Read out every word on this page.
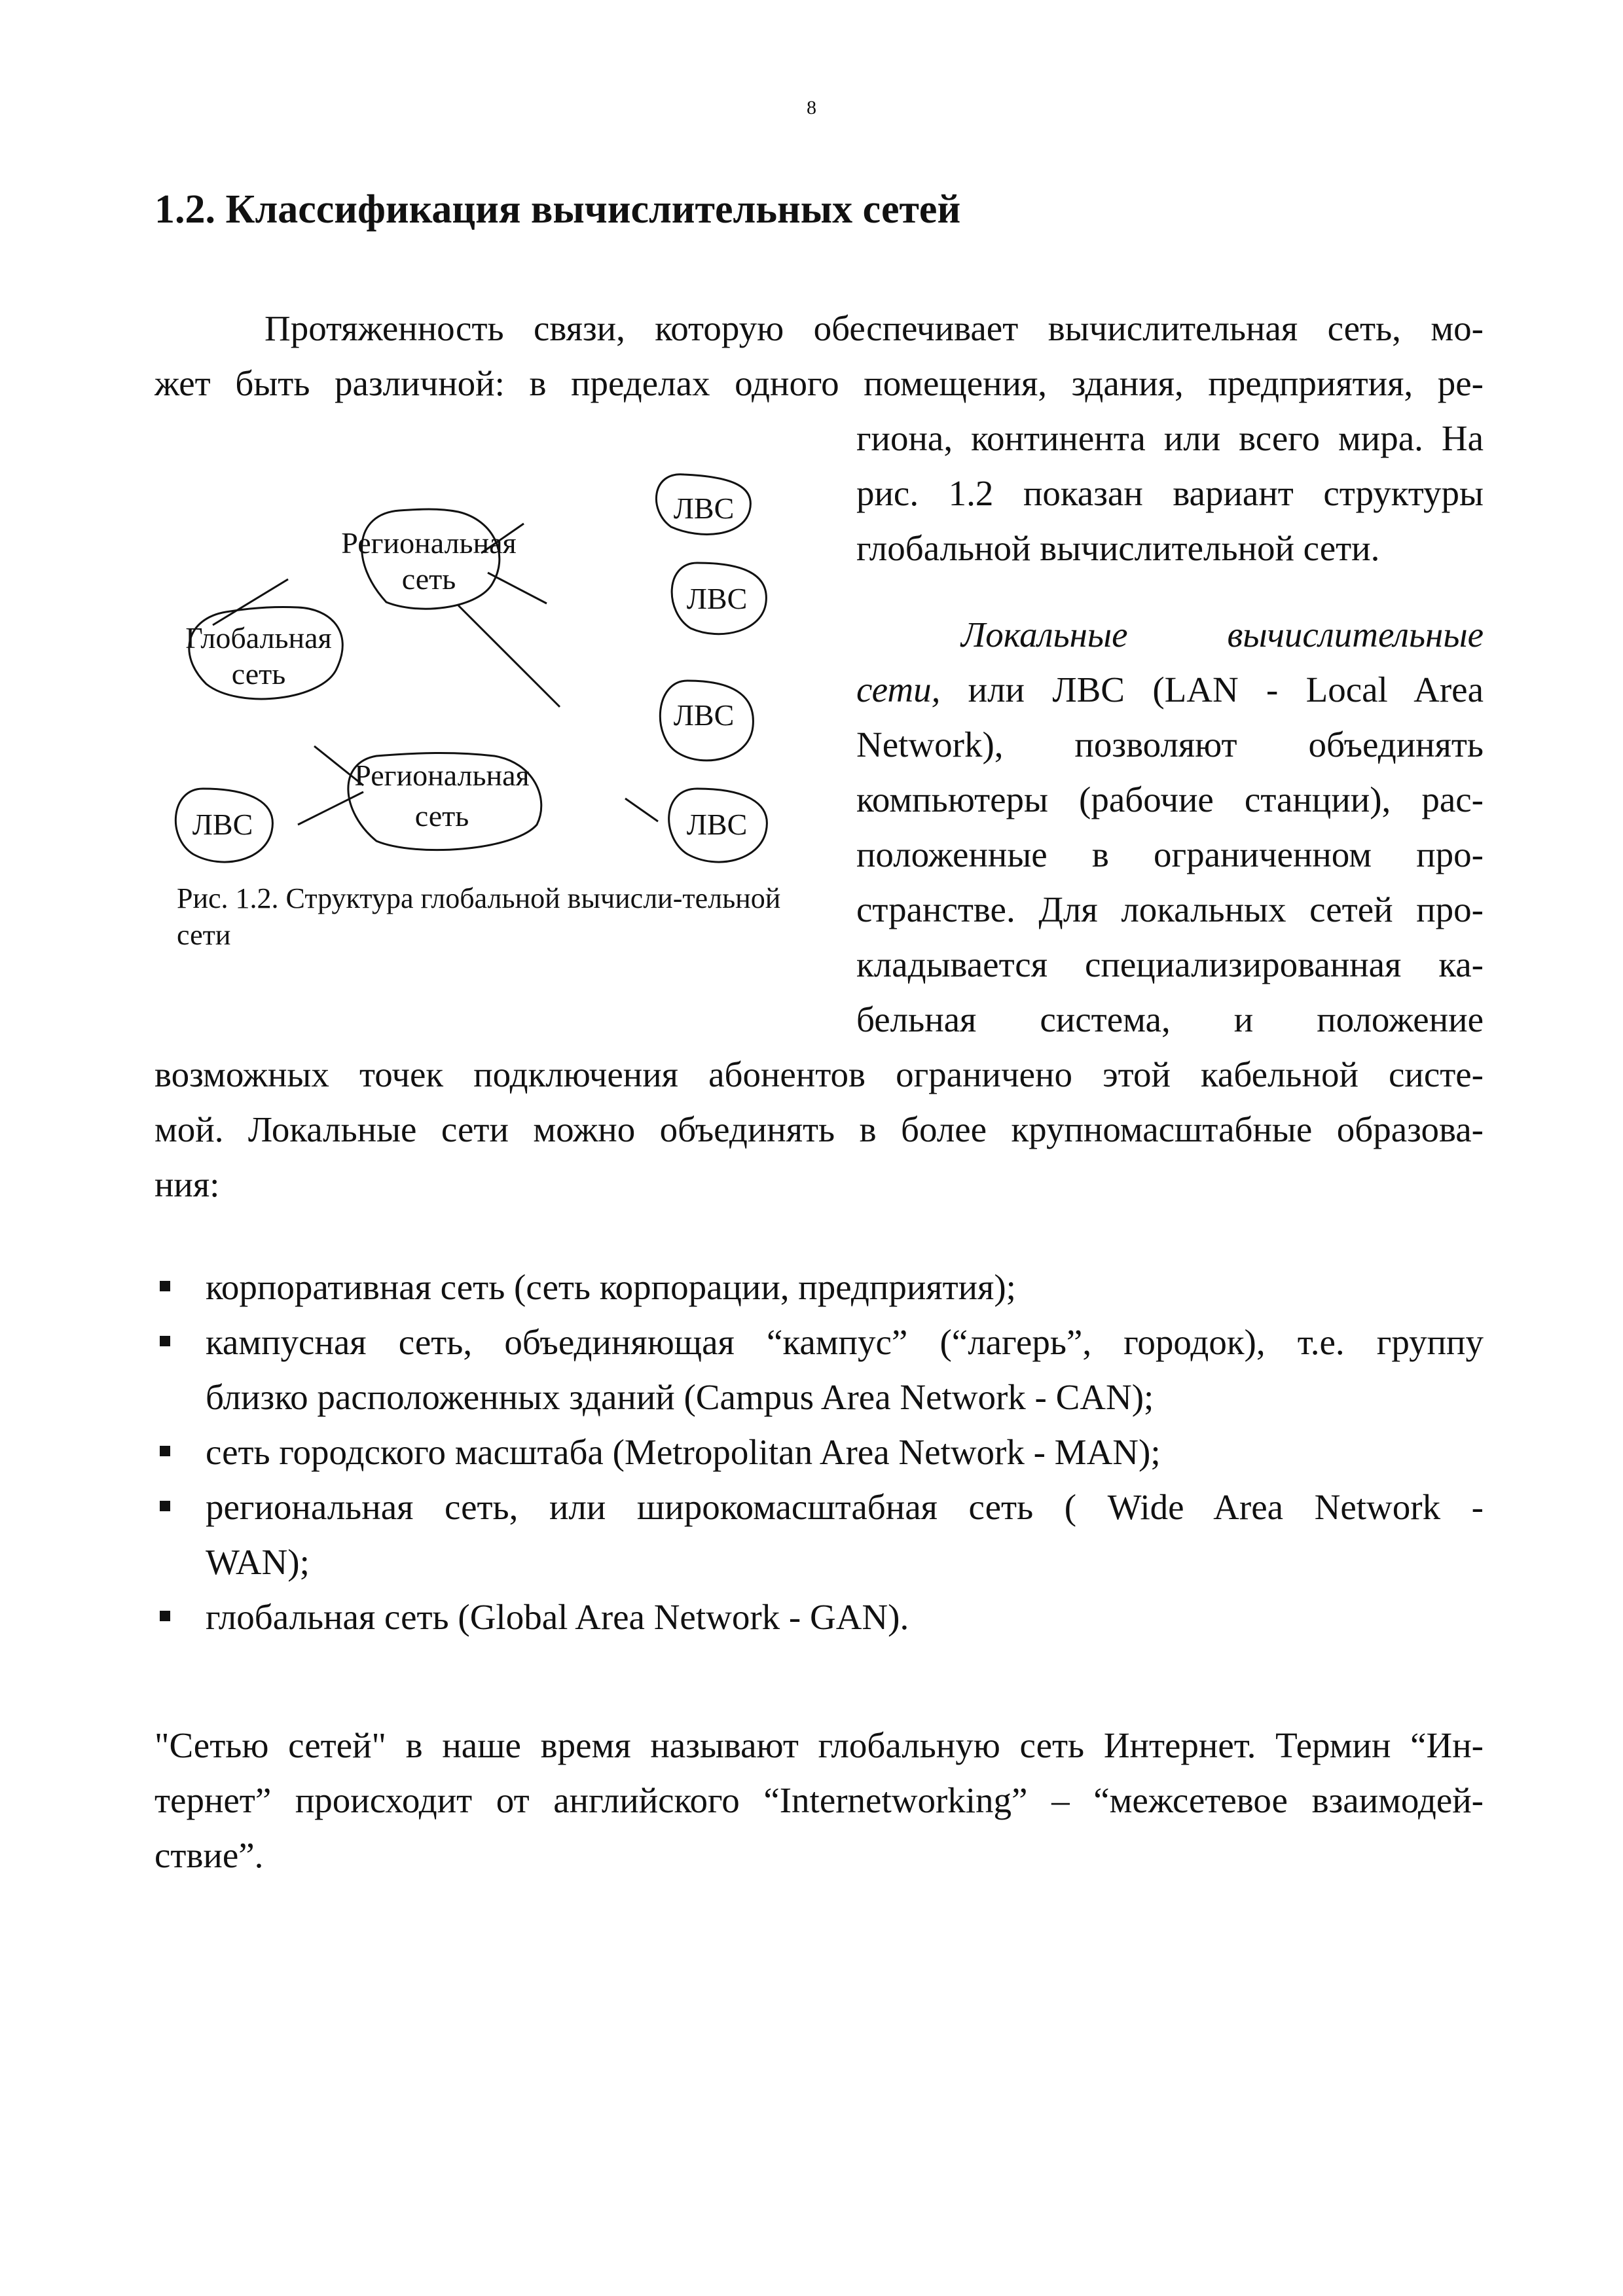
8
1.2. Классификация вычислительных сетей

Протяженность связи, которую обеспечивает вычислительная сеть, мо-

жет быть различной: в пределах одного помещения, здания, предприятия, ре-

гиона, континента или всего мира. На

рис. 1.2 показан вариант структуры

глобальной вычислительной сети.

Локальные вычислительные

сети, или ЛВС (LAN - Local Area

Network), позволяют объединять

компьютеры (рабочие станции), рас-

положенные в ограниченном про-

странстве. Для локальных сетей про-

кладывается специализированная ка-

бельная система, и положение

возможных точек подключения абонентов ограничено этой кабельной систе-

мой. Локальные сети можно объединять в более крупномасштабные образова-

ния:

Глобальная
сеть
Региональная
сеть
Региональная
сеть
ЛВС
ЛВС
ЛВС
ЛВС	ЛВС

Рис. 1.2. Структура глобальной вычисли-тельной сети

корпоративная сеть (сеть корпорации, предприятия);
кампусная сеть, объединяющая “кампус” (“лагерь”, городок), т.е. группу
близко расположенных зданий (Campus Area Network - CAN);
сеть городского масштаба (Metropolitan Area Network - MAN);
региональная сеть, или широкомасштабная сеть ( Wide Area Network -
WAN);
глобальная сеть (Global Area Network - GAN).

"Сетью сетей" в наше время называют глобальную сеть Интернет. Термин “Ин-

тернет” происходит от английского “Internetworking” – “межсетевое взаимодей-

ствие”.
